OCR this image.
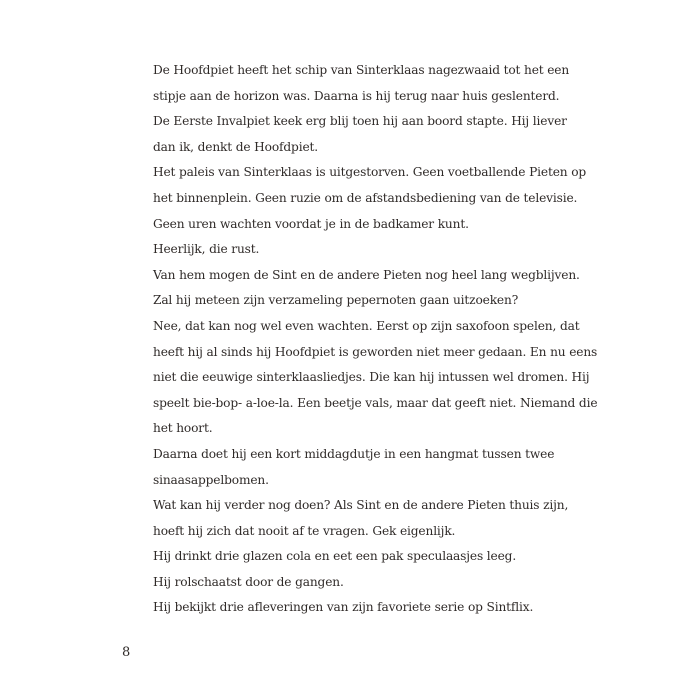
De Hoofdpiet heeft het schip van Sinterklaas nagezwaaid tot het een
stipje aan de horizon was. Daarna is hij terug naar huis geslenterd.
De Eerste Invalpiet keek erg blij toen hij aan boord stapte. Hij liever
dan ik, denkt de Hoofdpiet.
Het paleis van Sinterklaas is uitgestorven. Geen voetballende Pieten op
het binnenplein. Geen ruzie om de afstandsbediening van de televisie.
Geen uren wachten voordat je in de badkamer kunt.
Heerlijk, die rust.
Van hem mogen de Sint en de andere Pieten nog heel lang wegblijven.
Zal hij meteen zijn verzameling pepernoten gaan uitzoeken?
Nee, dat kan nog wel even wachten. Eerst op zijn saxofoon spelen, dat
heeft hij al sinds hij Hoofdpiet is geworden niet meer gedaan. En nu eens
niet die eeuwige sinterklaasliedjes. Die kan hij intussen wel dromen. Hij
speelt bie-bop- a-loe-la. Een beetje vals, maar dat geeft niet. Niemand die
het hoort.
Daarna doet hij een kort middagdutje in een hangmat tussen twee
sinaasappelbomen.
Wat kan hij verder nog doen? Als Sint en de andere Pieten thuis zijn,
hoeft hij zich dat nooit af te vragen. Gek eigenlijk.
Hij drinkt drie glazen cola en eet een pak speculaasjes leeg.
Hij rolschaatst door de gangen.
Hij bekijkt drie afleveringen van zijn favoriete serie op Sintflix.
8
